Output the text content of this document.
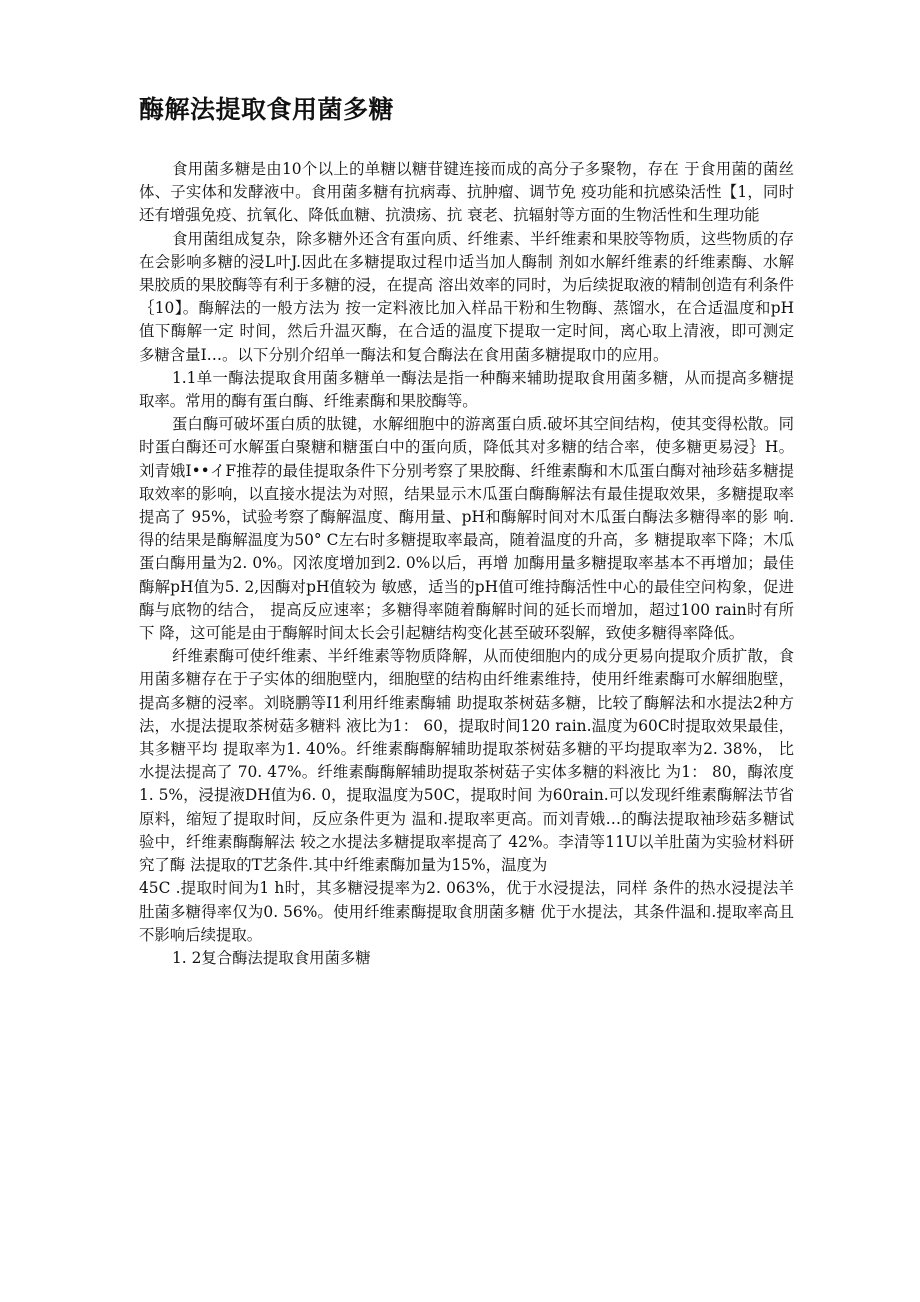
酶解法提取食用菌多糖

食用菌多糖是由10个以上的单糖以糖苷键连接而成的高分子多聚物，存在 于食用菌的菌丝体、子实体和发酵液中。食用菌多糖有抗病毒、抗肿瘤、调节免 疫功能和抗感染活性【1，同时还有增强免疫、抗氧化、降低血糖、抗溃疡、抗 衰老、抗辐射等方面的生物活性和生理功能

食用菌组成复杂，除多糖外还含有蛋向质、纤维素、半纤维素和果胶等物质，这些物质的存在会影响多糖的浸L叶J.因此在多糖提取过程巾适当加人酶制 剂如水解纤维素的纤维素酶、水解果胶质的果胶酶等有利于多糖的浸，在提高 溶出效率的同时，为后续捉取液的精制创造有利条件｛10】。酶解法的一般方法为 按一定料液比加入样品干粉和生物酶、蒸馏水，在合适温度和pH值下酶解一定 时间，然后升温灭酶，在合适的温度下提取一定时间，离心取上清液，即可测定 多糖含量I…。以下分别介绍单一酶法和复合酶法在食用菌多糖提取巾的应用。

1.1单一酶法提取食用菌多糖单一酶法是指一种酶来辅助提取食用菌多糖，从而提高多糖提取率。常用的酶有蛋白酶、纤维素酶和果胶酶等。

蛋白酶可破坏蛋白质的肽键，水解细胞中的游离蛋白质.破坏其空间结构，使其变得松散。同时蛋白酶还可水解蛋白聚糖和糖蛋白中的蛋向质，降低其对多糖的结合率，使多糖更易浸｝H。刘青娥I••イF推荐的最佳提取条件下分别考察了果胶酶、纤维素酶和木瓜蛋白酶对袖珍菇多糖提取效率的影响，以直接水提法为对照，结果显示木瓜蛋白酶酶解法有最佳提取效果，多糖提取率提高了 95%，试验考察了酶解温度、酶用量、pH和酶解时间对木瓜蛋白酶法多糖得率的影 响.得的结果是酶解温度为50° C左右时多糖提取率最高，随着温度的升高，多 糖提取率下降；木瓜蛋白酶用量为2. 0%。冈浓度增加到2. 0%以后，再增 加酶用量多糖提取率基本不再增加；最佳酶解pH值为5. 2,因酶对pH值较为 敏感，适当的pH值可维持酶活性中心的最佳空问构象，促进酶与底物的结合， 提高反应速率；多糖得率随着酶解时间的延长而增加，超过100 rain时有所下 降，这可能是由于酶解时间太长会引起糖结构变化甚至破环裂解，致使多糖得率降低。

纤维素酶可使纤维素、半纤维素等物质降解，从而使细胞内的成分更易向提取介质扩散，食用菌多糖存在于子实体的细胞壁内，细胞壁的结构由纤维素维持，使用纤维素酶可水解细胞壁，提高多糖的浸率。刘晓鹏等I1利用纤维素酶辅 助提取茶树菇多糖，比较了酶解法和水提法2种方法，水提法提取茶树菇多糖料 液比为1： 60，提取时间120 rain.温度为60C时提取效果最佳，其多糖平均 提取率为1. 40%。纤维素酶酶解辅助提取茶树菇多糖的平均提取率为2. 38%， 比水提法提高了 70. 47%。纤维素酶酶解辅助提取茶树菇子实体多糖的料液比 为1： 80，酶浓度1. 5%，浸提液DH值为6. 0，提取温度为50C，提取时间 为60rain.可以发现纤维素酶解法节省原料，缩短了提取时间，反应条件更为 温和.提取率更高。而刘青娥…的酶法提取袖珍菇多糖试验中，纤维素酶酶解法 较之水提法多糖提取率提高了 42%。李清等11U以羊肚菌为实验材料研究了酶 法提取的T艺条件.其中纤维素酶加量为15%，温度为

45C .提取时间为1 h时，其多糖浸提率为2. 063%，优于水浸提法，同样 条件的热水浸提法羊肚菌多糖得率仅为0. 56%。使用纤维素酶提取食朋菌多糖 优于水提法，其条件温和.提取率高且不影响后续提取。

1. 2复合酶法提取食用菌多糖
